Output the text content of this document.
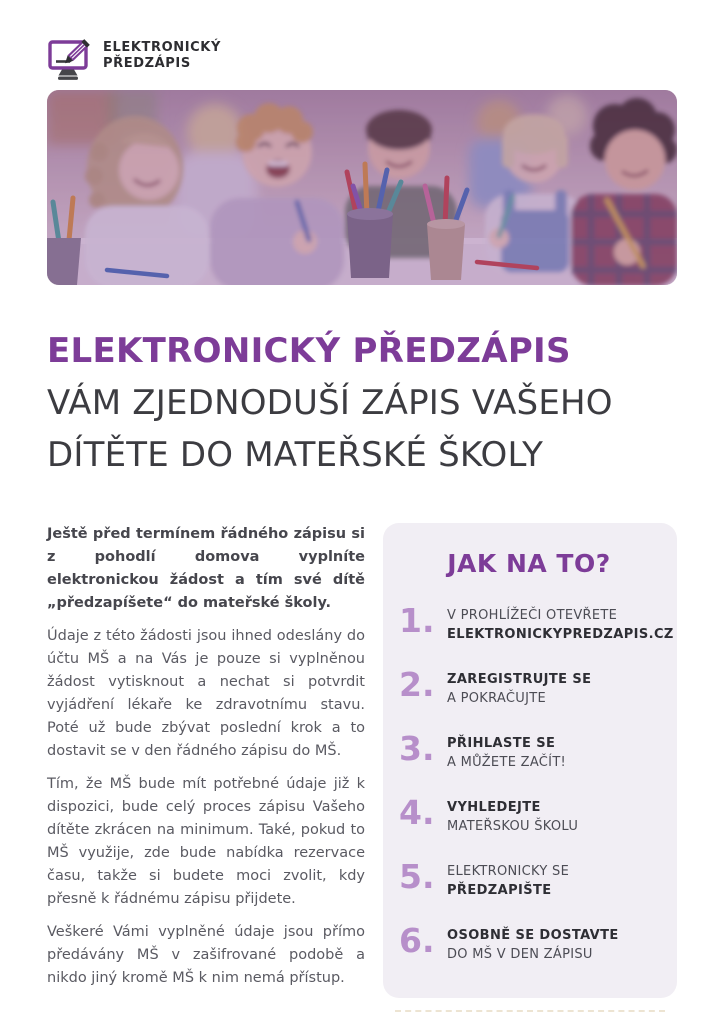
ELEKTRONICKÝ
PŘEDZÁPIS
ELEKTRONICKÝ PŘEDZÁPIS
VÁM ZJEDNODUŠÍ ZÁPIS VAŠEHO
DÍTĚTE DO MATEŘSKÉ ŠKOLY

Ještě před termínem řádného zápisu si z pohodlí domova vyplníte elektronickou žádost a tím své dítě „předzapíšete“ do mateřské školy.

Údaje z této žádosti jsou ihned odeslány do účtu MŠ a na Vás je pouze si vyplněnou žádost vytisknout a nechat si potvrdit vyjádření lékaře ke zdravotnímu stavu. Poté už bude zbývat poslední krok a to dostavit se v den řádného zápisu do MŠ.

Tím, že MŠ bude mít potřebné údaje již k dispozici, bude celý proces zápisu Vašeho dítěte zkrácen na minimum. Také, pokud to MŠ využije, zde bude nabídka rezervace času, takže si budete moci zvolit, kdy přesně k řádnému zápisu přijdete.

Veškeré Vámi vyplněné údaje jsou přímo předávány MŠ v zašifrované podobě a nikdo jiný kromě MŠ k nim nemá přístup.

JAK NA TO?
1. V PROHLÍŽEČI OTEVŘETE
ELEKTRONICKYPREDZAPIS.CZ
2. ZAREGISTRUJTE SE
A POKRAČUJTE
3. PŘIHLASTE SE
A MŮŽETE ZAČÍT!
4. VYHLEDEJTE
MATEŘSKOU ŠKOLU
5. ELEKTRONICKY SE
PŘEDZAPIŠTE
6. OSOBNĚ SE DOSTAVTE
DO MŠ V DEN ZÁPISU
